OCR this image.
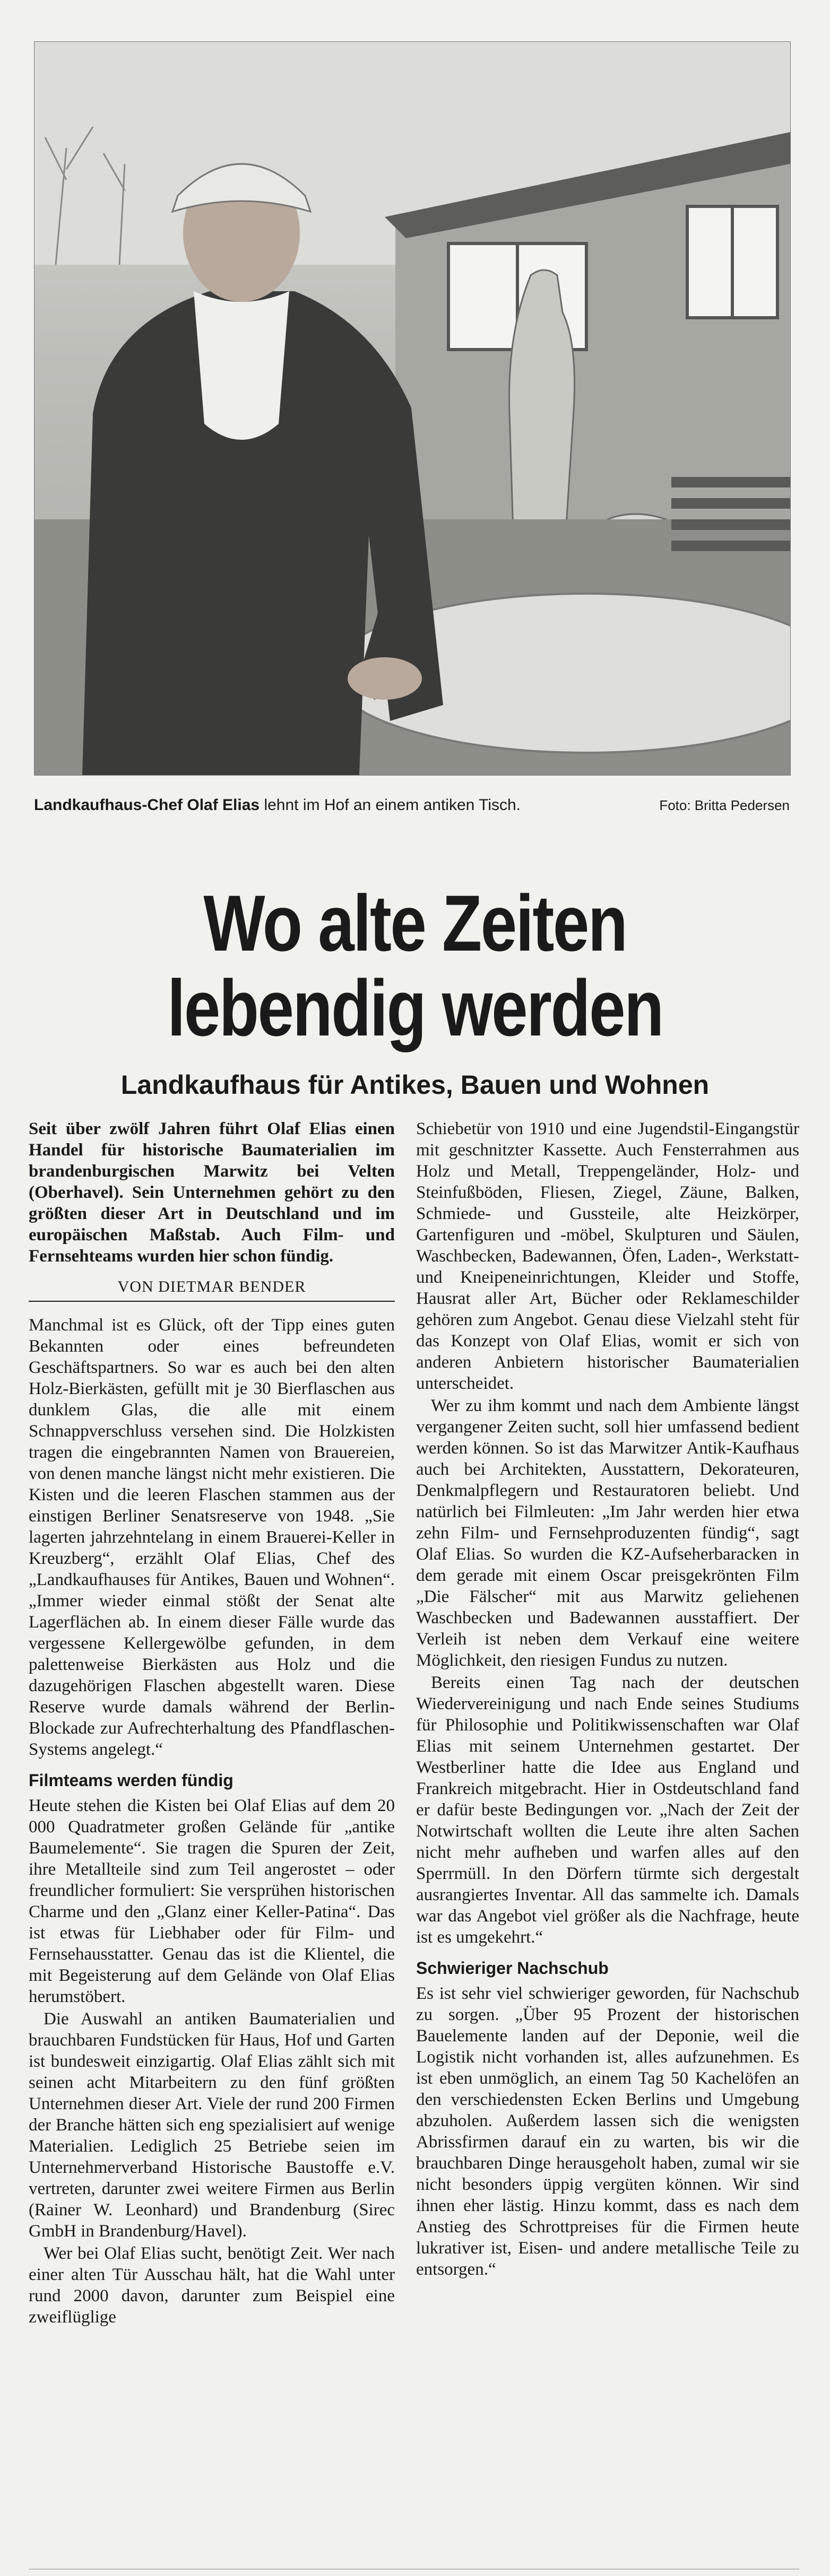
Landkaufhaus-Chef Olaf Elias lehnt im Hof an einem antiken Tisch.	Foto: Britta Pedersen
Wo alte Zeiten
lebendig werden
Landkaufhaus für Antikes, Bauen und Wohnen

Seit über zwölf Jahren führt Olaf Elias einen Handel für historische Baumaterialien im brandenburgischen Marwitz bei Velten (Oberhavel). Sein Unternehmen gehört zu den größten dieser Art in Deutschland und im europäischen Maßstab. Auch Film- und Fernsehteams wurden hier schon fündig.

VON DIETMAR BENDER

Manchmal ist es Glück, oft der Tipp eines guten Bekannten oder eines befreundeten Geschäftspartners. So war es auch bei den alten Holz-Bierkästen, gefüllt mit je 30 Bierflaschen aus dunklem Glas, die alle mit einem Schnappverschluss versehen sind. Die Holzkisten tragen die eingebrannten Namen von Brauereien, von denen manche längst nicht mehr existieren. Die Kisten und die leeren Flaschen stammen aus der einstigen Berliner Senatsreserve von 1948. „Sie lagerten jahrzehntelang in einem Brauerei-Keller in Kreuzberg“, erzählt Olaf Elias, Chef des „Landkaufhauses für Antikes, Bauen und Wohnen“. „Immer wieder einmal stößt der Senat alte Lagerflächen ab. In einem dieser Fälle wurde das vergessene Kellergewölbe gefunden, in dem palettenweise Bierkästen aus Holz und die dazugehörigen Flaschen abgestellt waren. Diese Reserve wurde damals während der Berlin-Blockade zur Aufrechterhaltung des Pfandflaschen-Systems angelegt.“

Filmteams werden fündig

Heute stehen die Kisten bei Olaf Elias auf dem 20 000 Quadratmeter großen Gelände für „antike Baumelemente“. Sie tragen die Spuren der Zeit, ihre Metallteile sind zum Teil angerostet – oder freundlicher formuliert: Sie versprühen historischen Charme und den „Glanz einer Keller-Patina“. Das ist etwas für Liebhaber oder für Film- und Fernsehausstatter. Genau das ist die Klientel, die mit Begeisterung auf dem Gelände von Olaf Elias herumstöbert.

Die Auswahl an antiken Baumaterialien und brauchbaren Fundstücken für Haus, Hof und Garten ist bundesweit einzigartig. Olaf Elias zählt sich mit seinen acht Mitarbeitern zu den fünf größten Unternehmen dieser Art. Viele der rund 200 Firmen der Branche hätten sich eng spezialisiert auf wenige Materialien. Lediglich 25 Betriebe seien im Unternehmerverband Historische Baustoffe e.V. vertreten, darunter zwei weitere Firmen aus Berlin (Rainer W. Leonhard) und Brandenburg (Sirec GmbH in Brandenburg/Havel).

Wer bei Olaf Elias sucht, benötigt Zeit. Wer nach einer alten Tür Ausschau hält, hat die Wahl unter rund 2000 davon, darunter zum Beispiel eine zweiflüglige

Schiebetür von 1910 und eine Jugendstil-Eingangstür mit geschnitzter Kassette. Auch Fensterrahmen aus Holz und Metall, Treppengeländer, Holz- und Steinfußböden, Fliesen, Ziegel, Zäune, Balken, Schmiede- und Gussteile, alte Heizkörper, Gartenfiguren und -möbel, Skulpturen und Säulen, Waschbecken, Badewannen, Öfen, Laden-, Werkstatt- und Kneipeneinrichtungen, Kleider und Stoffe, Hausrat aller Art, Bücher oder Reklameschilder gehören zum Angebot. Genau diese Vielzahl steht für das Konzept von Olaf Elias, womit er sich von anderen Anbietern historischer Baumaterialien unterscheidet.

Wer zu ihm kommt und nach dem Ambiente längst vergangener Zeiten sucht, soll hier umfassend bedient werden können. So ist das Marwitzer Antik-Kaufhaus auch bei Architekten, Ausstattern, Dekorateuren, Denkmalpflegern und Restauratoren beliebt. Und natürlich bei Filmleuten: „Im Jahr werden hier etwa zehn Film- und Fernsehproduzenten fündig“, sagt Olaf Elias. So wurden die KZ-Aufseherbaracken in dem gerade mit einem Oscar preisgekrönten Film „Die Fälscher“ mit aus Marwitz geliehenen Waschbecken und Badewannen ausstaffiert. Der Verleih ist neben dem Verkauf eine weitere Möglichkeit, den riesigen Fundus zu nutzen.

Bereits einen Tag nach der deutschen Wiedervereinigung und nach Ende seines Studiums für Philosophie und Politikwissenschaften war Olaf Elias mit seinem Unternehmen gestartet. Der Westberliner hatte die Idee aus England und Frankreich mitgebracht. Hier in Ostdeutschland fand er dafür beste Bedingungen vor. „Nach der Zeit der Notwirtschaft wollten die Leute ihre alten Sachen nicht mehr aufheben und warfen alles auf den Sperrmüll. In den Dörfern türmte sich dergestalt ausrangiertes Inventar. All das sammelte ich. Damals war das Angebot viel größer als die Nachfrage, heute ist es umgekehrt.“

Schwieriger Nachschub

Es ist sehr viel schwieriger geworden, für Nachschub zu sorgen. „Über 95 Prozent der historischen Bauelemente landen auf der Deponie, weil die Logistik nicht vorhanden ist, alles aufzunehmen. Es ist eben unmöglich, an einem Tag 50 Kachelöfen an den verschiedensten Ecken Berlins und Umgebung abzuholen. Außerdem lassen sich die wenigsten Abrissfirmen darauf ein zu warten, bis wir die brauchbaren Dinge herausgeholt haben, zumal wir sie nicht besonders üppig vergüten können. Wir sind ihnen eher lästig. Hinzu kommt, dass es nach dem Anstieg des Schrottpreises für die Firmen heute lukrativer ist, Eisen- und andere metallische Teile zu entsorgen.“
